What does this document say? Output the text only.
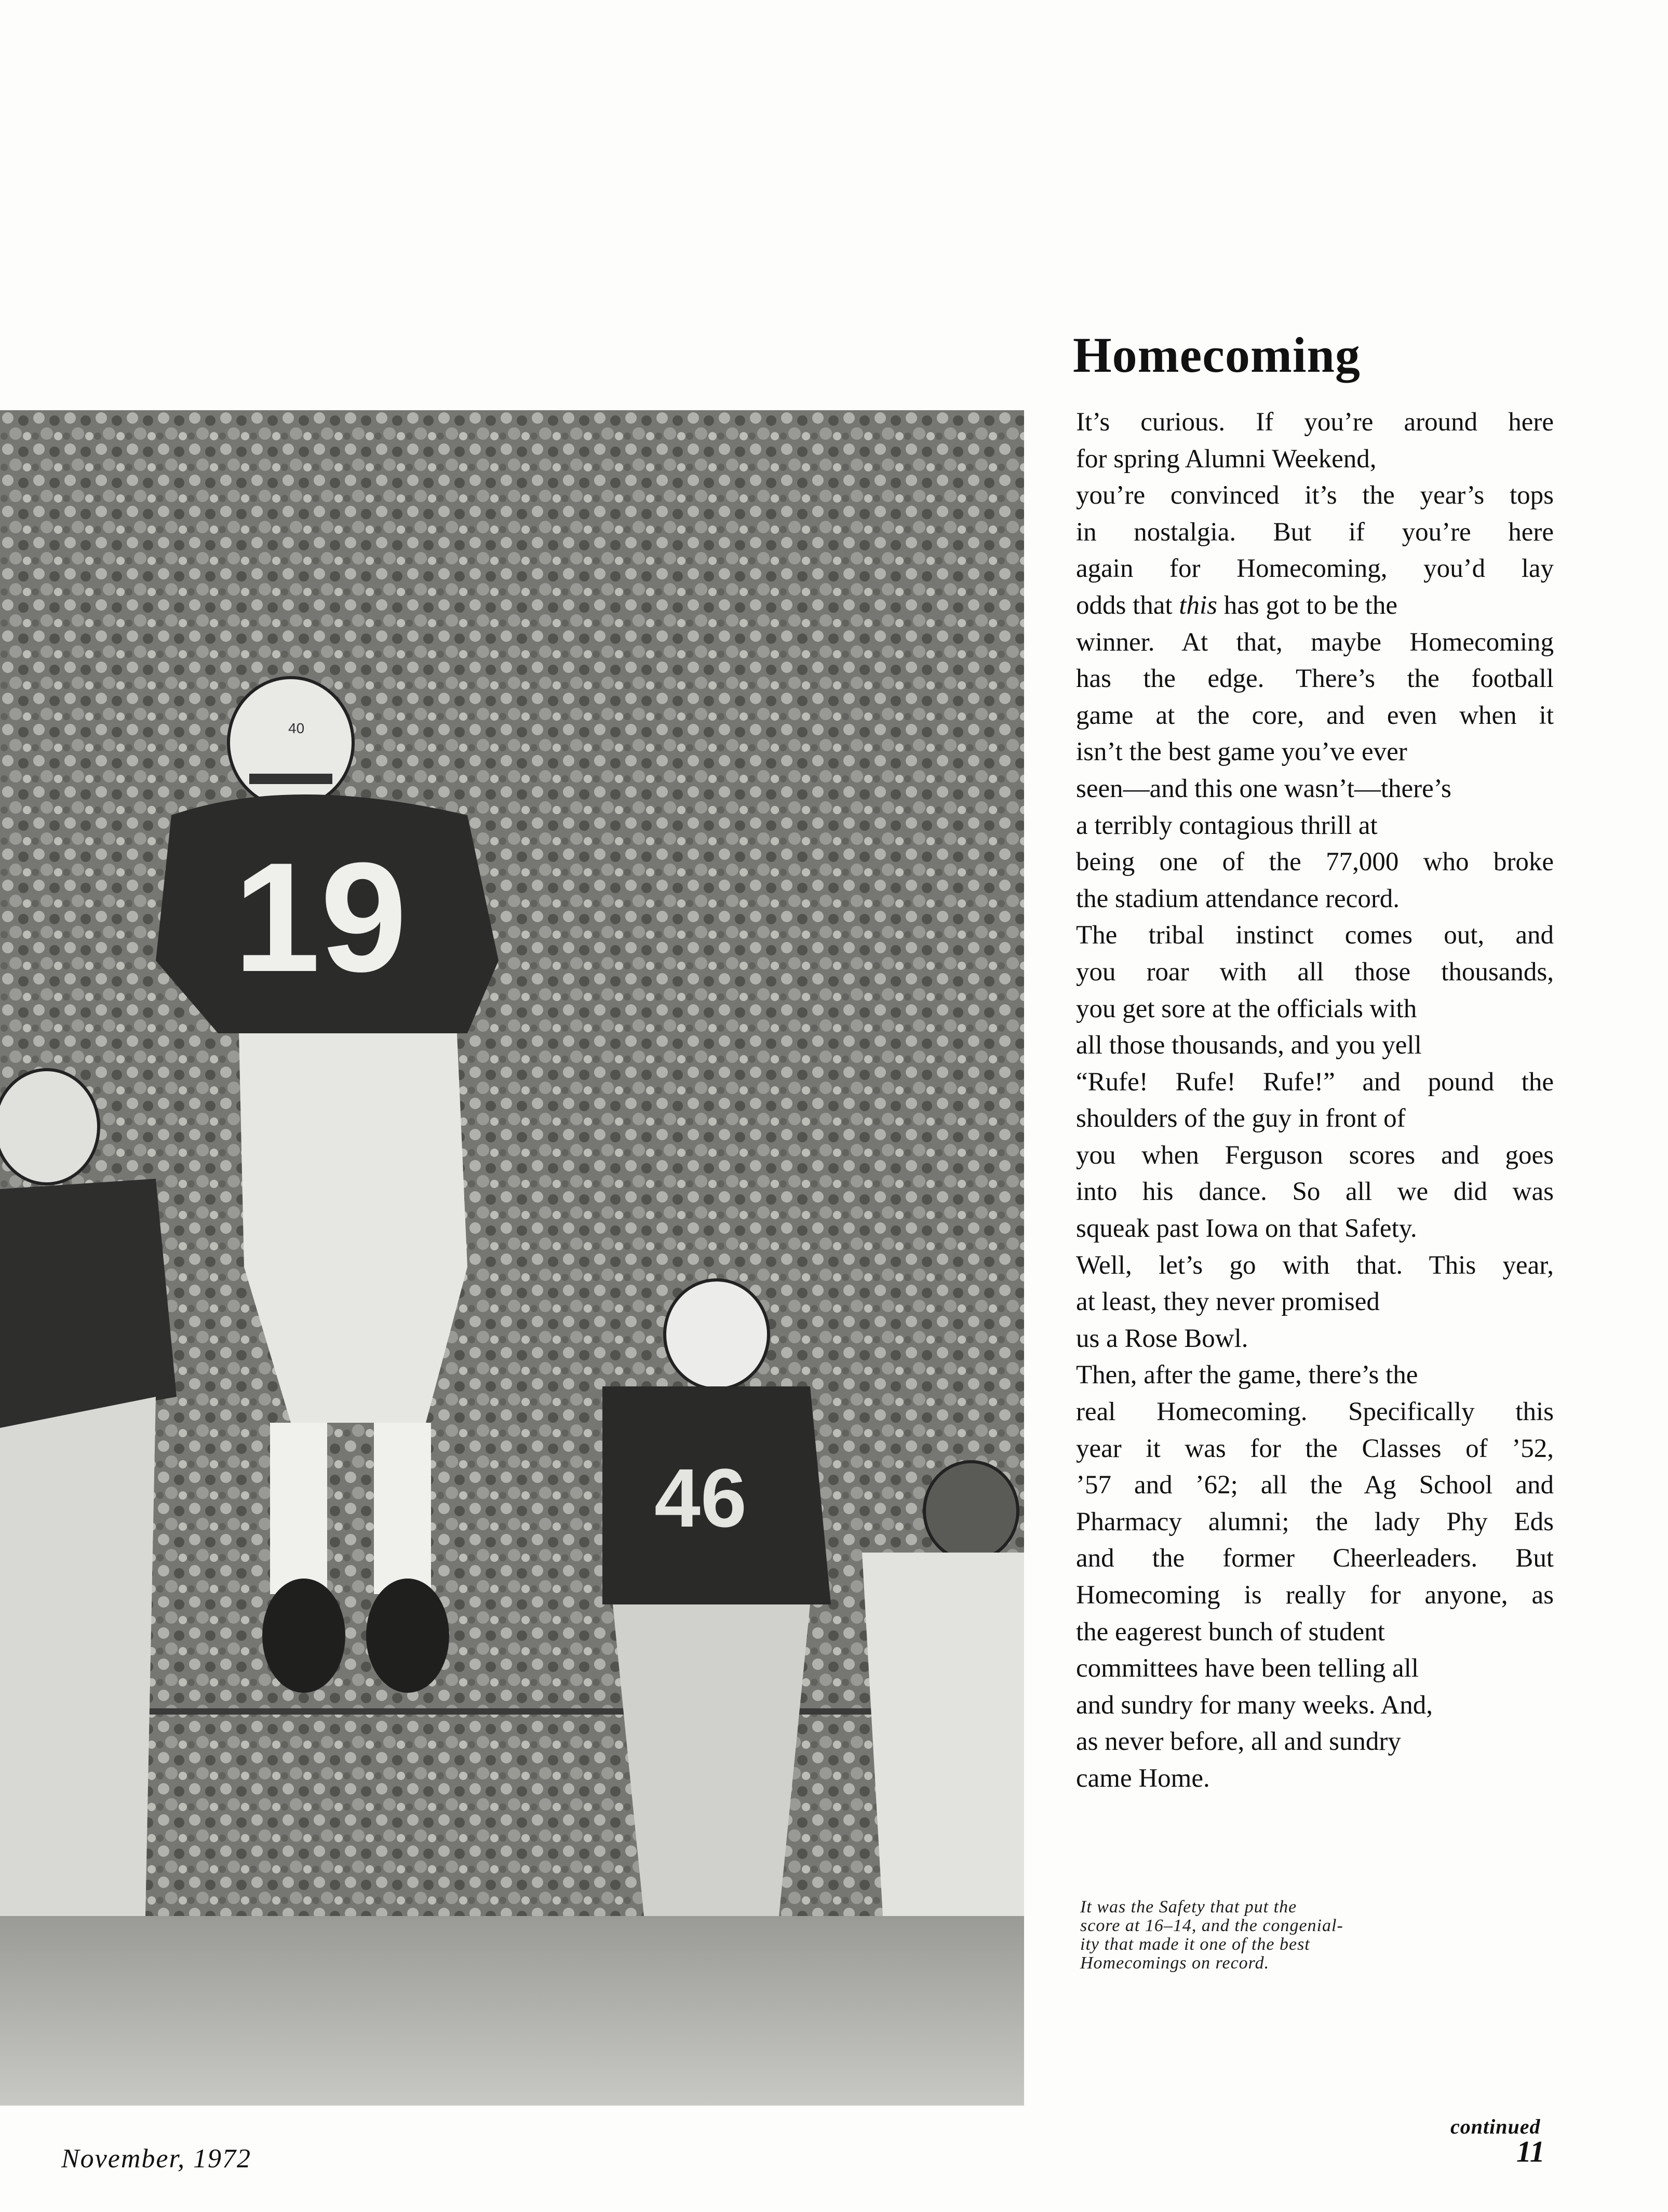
40
19
46
Homecoming
It’s curious. If you’re around here
for spring Alumni Weekend,
you’re convinced it’s the year’s tops
in nostalgia. But if you’re here
again for Homecoming, you’d lay
odds that this has got to be the
winner. At that, maybe Homecoming
has the edge. There’s the football
game at the core, and even when it
isn’t the best game you’ve ever
seen—and this one wasn’t—there’s
a terribly contagious thrill at
being one of the 77,000 who broke
the stadium attendance record.
The tribal instinct comes out, and
you roar with all those thousands,
you get sore at the officials with
all those thousands, and you yell
“Rufe! Rufe! Rufe!” and pound the
shoulders of the guy in front of
you when Ferguson scores and goes
into his dance. So all we did was
squeak past Iowa on that Safety.
Well, let’s go with that. This year,
at least, they never promised
us a Rose Bowl.
Then, after the game, there’s the
real Homecoming. Specifically this
year it was for the Classes of ’52,
’57 and ’62; all the Ag School and
Pharmacy alumni; the lady Phy Eds
and the former Cheerleaders. But
Homecoming is really for anyone, as
the eagerest bunch of student
committees have been telling all
and sundry for many weeks. And,
as never before, all and sundry
came Home.
It was the Safety that put the
score at 16–14, and the congenial-
ity that made it one of the best
Homecomings on record.
continued
November, 1972	11
